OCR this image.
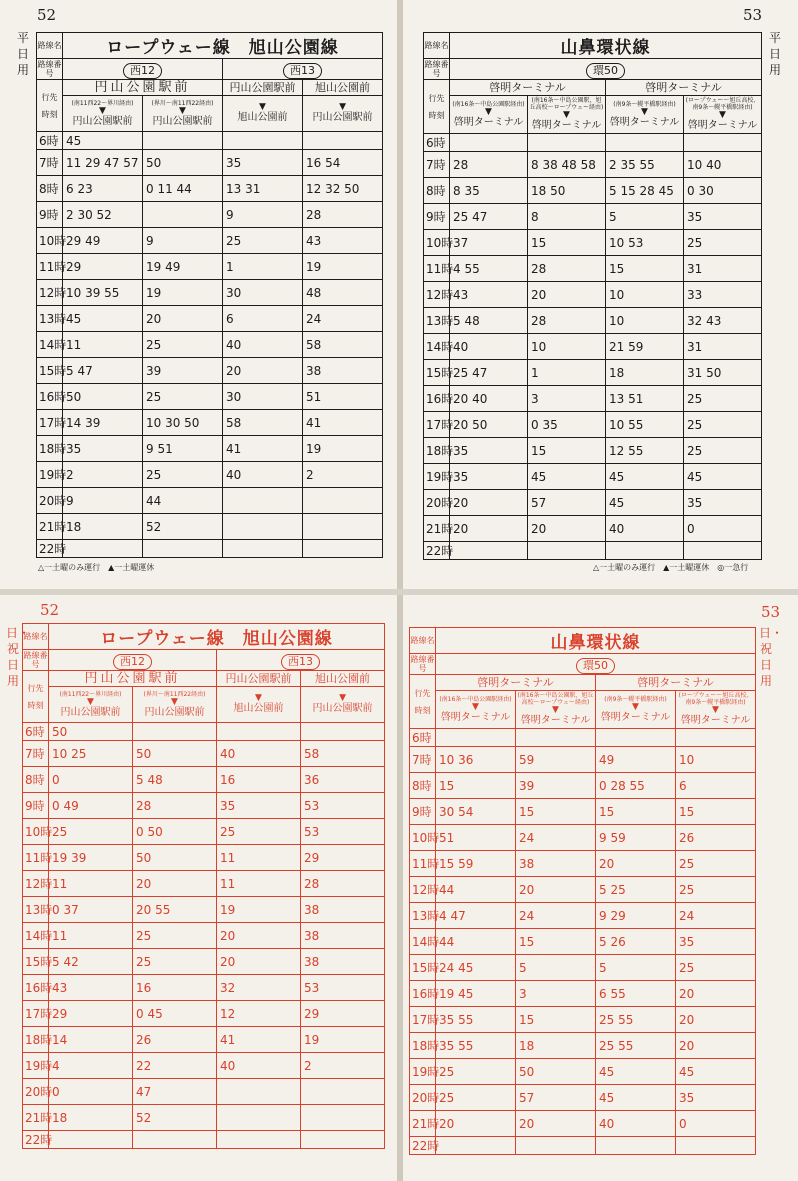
52
平日用
路線名	ロープウェー線　旭山公園線			
路線番号	西12		西13	

行先
時刻	円山公園駅前		円山公園駅前	旭山公園前

	(南11西22～界川経由)
▼
円山公園駅前	(界川～南11西22経由)
▼
円山公園駅前	▼
旭山公園前	▼
円山公園駅前

6時	45			
7時	11 29 47 57	50	35	16 54
8時	6 23	0 11 44	13 31	12 32 50
9時	2 30 52		9	28
10時	29 49	9	25	43
11時	29	19 49	1	19
12時	10 39 55	19	30	48
13時	45	20	6	24
14時	11	25	40	58
15時	5 47	39	20	38
16時	50	25	30	51
17時	14 39	10 30 50	58	41
18時	35	9 51	41	19
19時	2	25	40	2
20時	9	44		
21時	18	52		
22時				
△一土曜のみ運行　▲一土曜運休
53
平日用
路線名	山鼻環状線			
路線番号	環50			

行先
時刻	啓明ターミナル		啓明ターミナル	

	(南16条～中島公園駅経由)
▼
啓明ターミナル	(南16条～中島公園駅、旭丘高校～ロープウェー経由)
▼
啓明ターミナル	(南9条～幌平橋駅経由)
▼
啓明ターミナル	(ロープウェー～旭丘高校、南9条～幌平橋駅経由)
▼
啓明ターミナル

6時				
7時	28	8 38 48 58	2 35 55	10 40
8時	8 35	18 50	5 15 28 45	0 30
9時	25 47	8	5	35
10時	37	15	10 53	25
11時	4 55	28	15	31
12時	43	20	10	33
13時	5 48	28	10	32 43
14時	40	10	21 59	31
15時	25 47	1	18	31 50
16時	20 40	3	13 51	25
17時	20 50	0 35	10 55	25
18時	35	15	12 55	25
19時	35	45	45	45
20時	20	57	45	35
21時	20	20	40	0
22時				
△一土曜のみ運行　▲一土曜運休　◎一急行
52
日・祝日用
路線名	ロープウェー線　旭山公園線			
路線番号	西12		西13	

行先
時刻	円山公園駅前		円山公園駅前	旭山公園前

	(南11西22～界川経由)
▼
円山公園駅前	(界川～南11西22経由)
▼
円山公園駅前	▼
旭山公園前	▼
円山公園駅前

6時	50			
7時	10 25	50	40	58
8時	0	5 48	16	36
9時	0 49	28	35	53
10時	25	0 50	25	53
11時	19 39	50	11	29
12時	11	20	11	28
13時	0 37	20 55	19	38
14時	11	25	20	38
15時	5 42	25	20	38
16時	43	16	32	53
17時	29	0 45	12	29
18時	14	26	41	19
19時	4	22	40	2
20時	0	47		
21時	18	52		
22時				
53
日・祝日用
路線名	山鼻環状線			
路線番号	環50			

行先
時刻	啓明ターミナル		啓明ターミナル	

	(南16条～中島公園駅経由)
▼
啓明ターミナル	(南16条～中島公園駅、旭丘高校～ロープウェー経由)
▼
啓明ターミナル	(南9条～幌平橋駅経由)
▼
啓明ターミナル	(ロープウェー～旭丘高校、南9条～幌平橋駅経由)
▼
啓明ターミナル

6時				
7時	10 36	59	49	10
8時	15	39	0 28 55	6
9時	30 54	15	15	15
10時	51	24	9 59	26
11時	15 59	38	20	25
12時	44	20	5 25	25
13時	4 47	24	9 29	24
14時	44	15	5 26	35
15時	24 45	5	5	25
16時	19 45	3	6 55	20
17時	35 55	15	25 55	20
18時	35 55	18	25 55	20
19時	25	50	45	45
20時	25	57	45	35
21時	20	20	40	0
22時				
